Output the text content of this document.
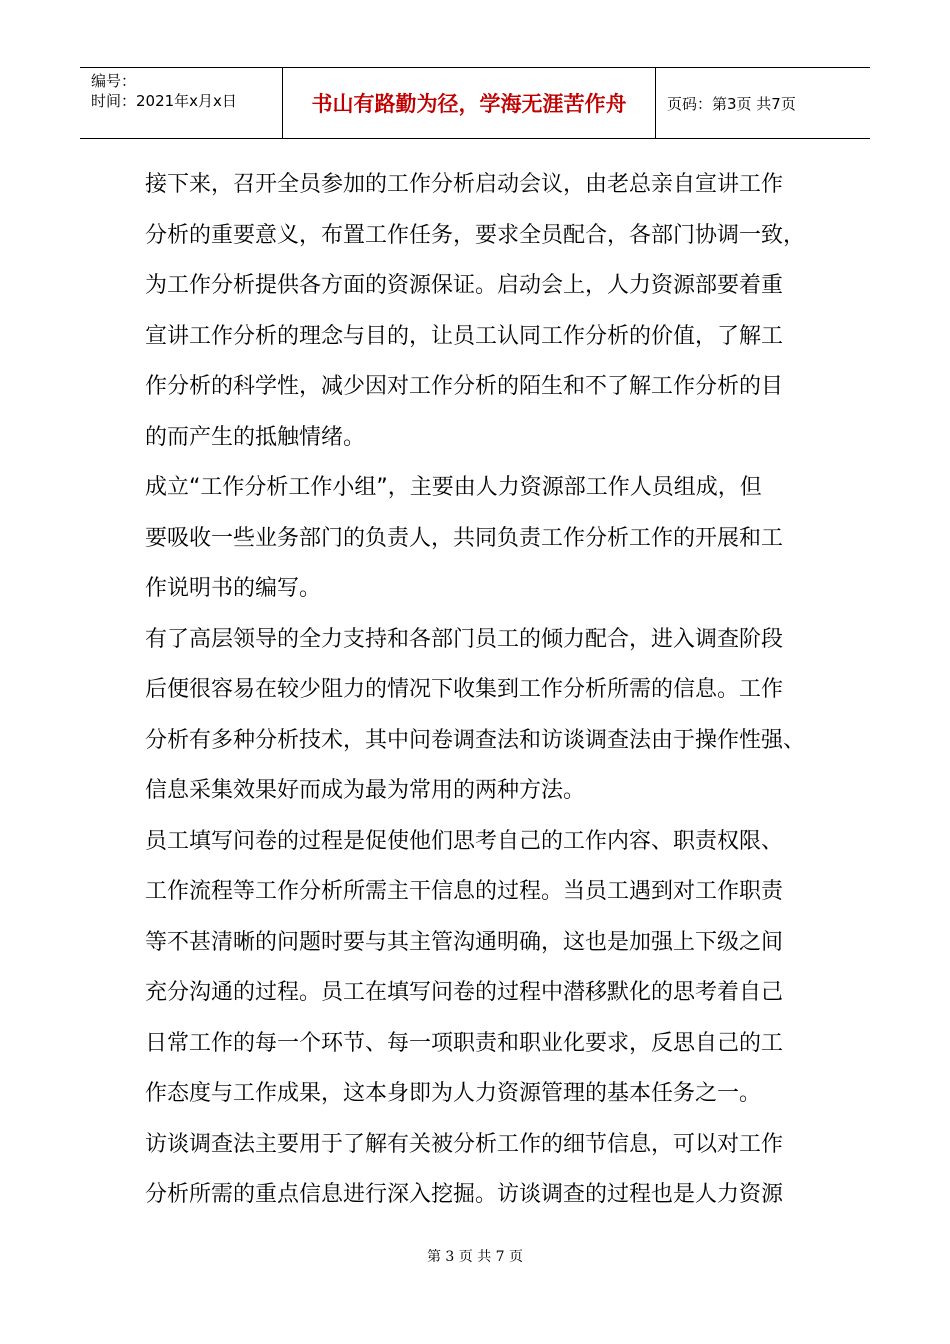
编号：
时间：2021年x月x日	书山有路勤为径，学海无涯苦作舟	页码：第3页 共7页
接下来，召开全员参加的工作分析启动会议，由老总亲自宣讲工作
分析的重要意义，布置工作任务，要求全员配合，各部门协调一致，
为工作分析提供各方面的资源保证。启动会上，人力资源部要着重
宣讲工作分析的理念与目的，让员工认同工作分析的价值，了解工
作分析的科学性，减少因对工作分析的陌生和不了解工作分析的目
的而产生的抵触情绪。
成立“工作分析工作小组”，主要由人力资源部工作人员组成，但
要吸收一些业务部门的负责人，共同负责工作分析工作的开展和工
作说明书的编写。
有了高层领导的全力支持和各部门员工的倾力配合，进入调查阶段
后便很容易在较少阻力的情况下收集到工作分析所需的信息。工作
分析有多种分析技术，其中问卷调查法和访谈调查法由于操作性强、
信息采集效果好而成为最为常用的两种方法。
员工填写问卷的过程是促使他们思考自己的工作内容、职责权限、
工作流程等工作分析所需主干信息的过程。当员工遇到对工作职责
等不甚清晰的问题时要与其主管沟通明确，这也是加强上下级之间
充分沟通的过程。员工在填写问卷的过程中潜移默化的思考着自己
日常工作的每一个环节、每一项职责和职业化要求，反思自己的工
作态度与工作成果，这本身即为人力资源管理的基本任务之一。
访谈调查法主要用于了解有关被分析工作的细节信息，可以对工作
分析所需的重点信息进行深入挖掘。访谈调查的过程也是人力资源
第 3 页 共 7 页
